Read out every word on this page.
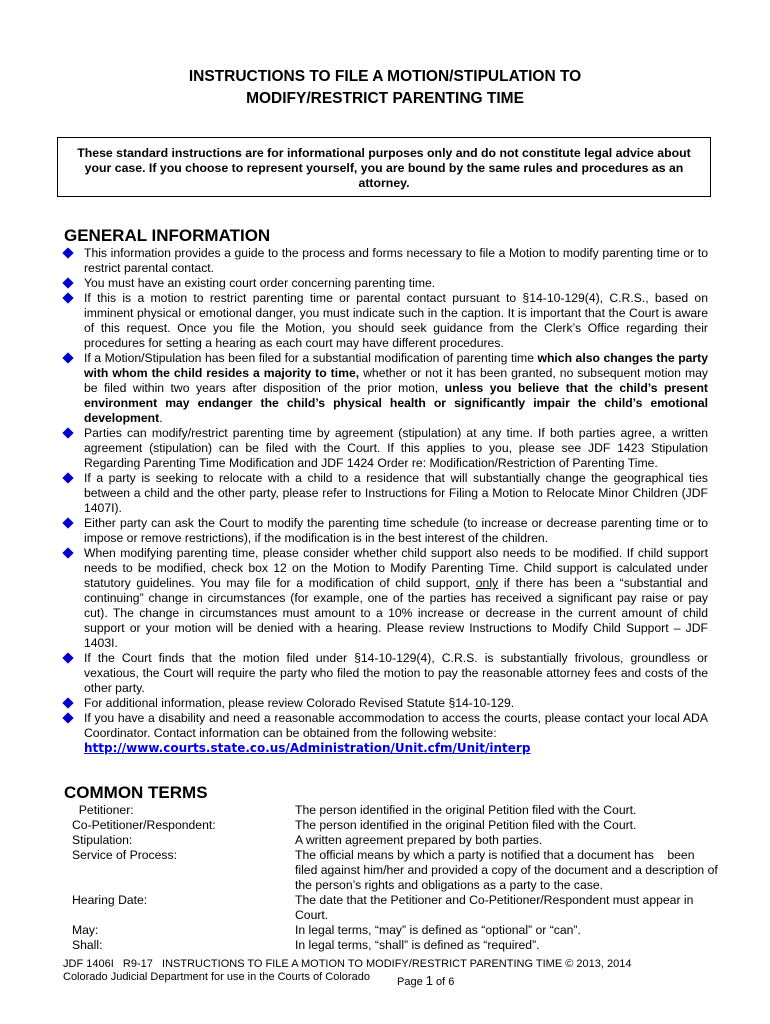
INSTRUCTIONS TO FILE A MOTION/STIPULATION TO
MODIFY/RESTRICT PARENTING TIME
These standard instructions are for informational purposes only and do not constitute legal advice about your case. If you choose to represent yourself, you are bound by the same rules and procedures as an attorney.
GENERAL INFORMATION
This information provides a guide to the process and forms necessary to file a Motion to modify parenting time or to restrict parental contact.
You must have an existing court order concerning parenting time.
If this is a motion to restrict parenting time or parental contact pursuant to §14-10-129(4), C.R.S., based on imminent physical or emotional danger, you must indicate such in the caption. It is important that the Court is aware of this request. Once you file the Motion, you should seek guidance from the Clerk’s Office regarding their procedures for setting a hearing as each court may have different procedures.
If a Motion/Stipulation has been filed for a substantial modification of parenting time which also changes the party with whom the child resides a majority to time, whether or not it has been granted, no subsequent motion may be filed within two years after disposition of the prior motion, unless you believe that the child’s present environment may endanger the child’s physical health or significantly impair the child’s emotional development.
Parties can modify/restrict parenting time by agreement (stipulation) at any time. If both parties agree, a written agreement (stipulation) can be filed with the Court. If this applies to you, please see JDF 1423 Stipulation Regarding Parenting Time Modification and JDF 1424 Order re: Modification/Restriction of Parenting Time.
If a party is seeking to relocate with a child to a residence that will substantially change the geographical ties between a child and the other party, please refer to Instructions for Filing a Motion to Relocate Minor Children (JDF 1407I).
Either party can ask the Court to modify the parenting time schedule (to increase or decrease parenting time or to impose or remove restrictions), if the modification is in the best interest of the children.
When modifying parenting time, please consider whether child support also needs to be modified. If child support needs to be modified, check box 12 on the Motion to Modify Parenting Time. Child support is calculated under statutory guidelines. You may file for a modification of child support, only if there has been a “substantial and continuing” change in circumstances (for example, one of the parties has received a significant pay raise or pay cut). The change in circumstances must amount to a 10% increase or decrease in the current amount of child support or your motion will be denied with a hearing. Please review Instructions to Modify Child Support – JDF 1403I.
If the Court finds that the motion filed under §14-10-129(4), C.R.S. is substantially frivolous, groundless or vexatious, the Court will require the party who filed the motion to pay the reasonable attorney fees and costs of the other party.
For additional information, please review Colorado Revised Statute §14-10-129.
If you have a disability and need a reasonable accommodation to access the courts, please contact your local ADA Coordinator. Contact information can be obtained from the following website:
http://www.courts.state.co.us/Administration/Unit.cfm/Unit/interp
COMMON TERMS
Petitioner:	The person identified in the original Petition filed with the Court.
Co-Petitioner/Respondent:	The person identified in the original Petition filed with the Court.
Stipulation:	A written agreement prepared by both parties.
Service of Process:	The official means by which a party is notified that a document has    been filed against him/her and provided a copy of the document and a description of the person’s rights and obligations as a party to the case.
Hearing Date:	The date that the Petitioner and Co-Petitioner/Respondent must appear in Court.
May:	In legal terms, “may” is defined as “optional” or “can”.
Shall:	In legal terms, “shall” is defined as “required”.
JDF 1406I   R9-17   INSTRUCTIONS TO FILE A MOTION TO MODIFY/RESTRICT PARENTING TIME © 2013, 2014
Colorado Judicial Department for use in the Courts of Colorado	Page 1 of 6
